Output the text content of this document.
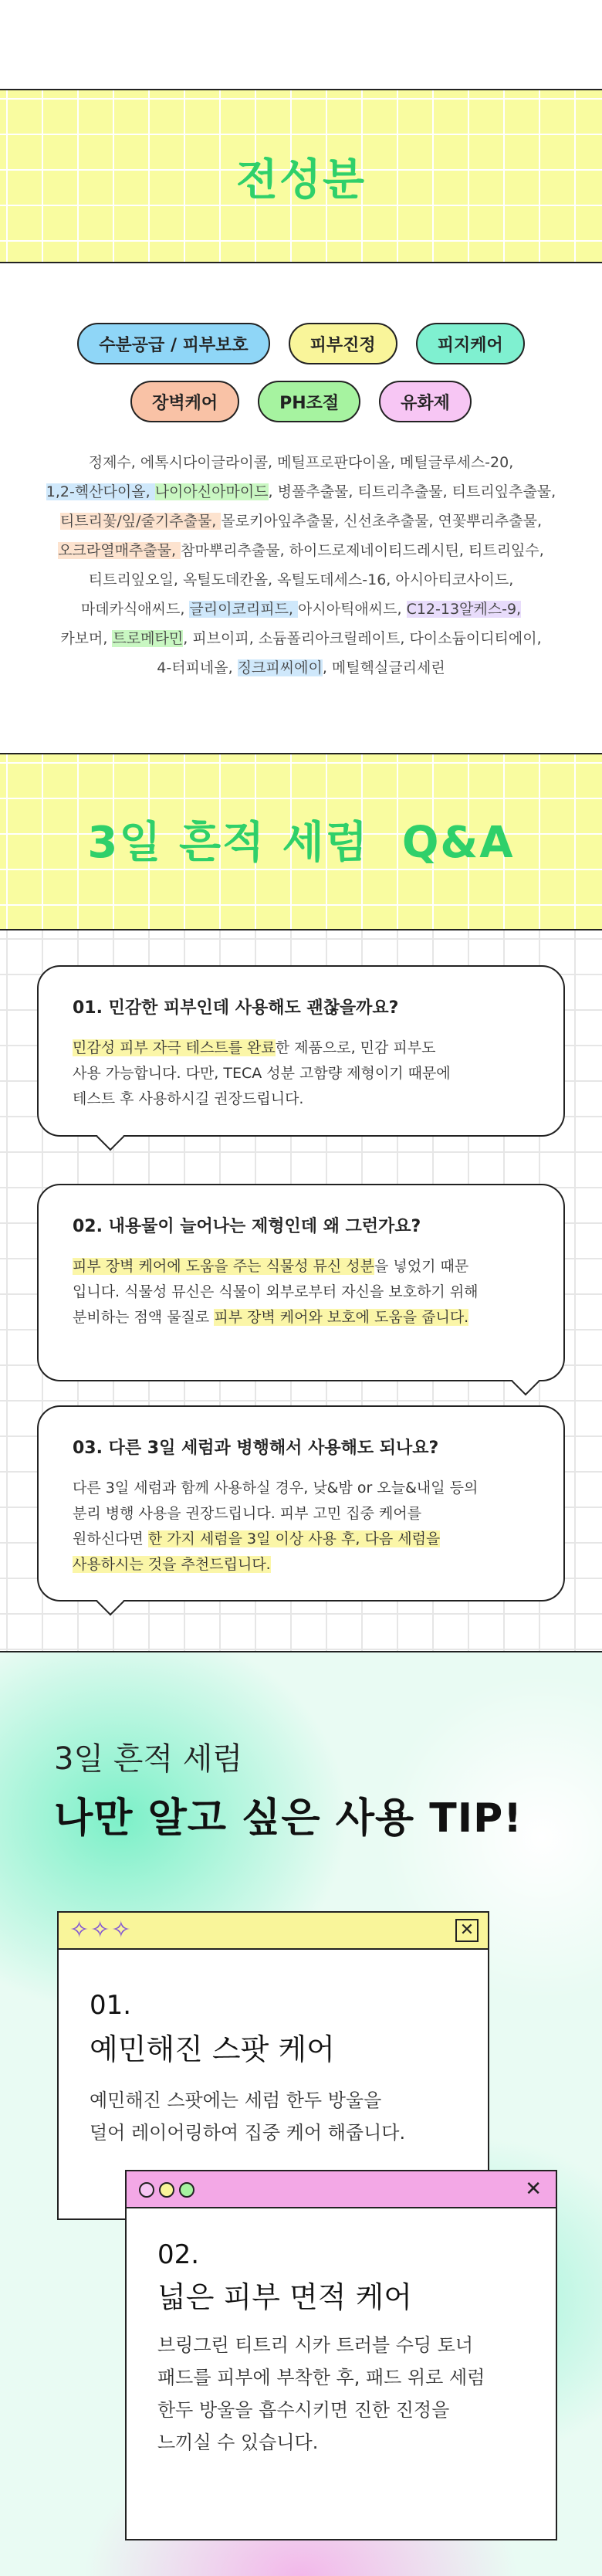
전성분
수분공급 / 피부보호	피부진정	피지케어
장벽케어	PH조절	유화제
정제수, 에톡시다이글라이콜, 메틸프로판다이올, 메틸글루세스-20,
1,2-헥산다이올, 나이아신아마이드, 병풀추출물, 티트리추출물, 티트리잎추출물,
티트리꽃/잎/줄기추출물, 몰로키아잎추출물, 신선초추출물, 연꽃뿌리추출물,
오크라열매추출물, 참마뿌리추출물, 하이드로제네이티드레시틴, 티트리잎수,
티트리잎오일, 옥틸도데칸올, 옥틸도데세스-16, 아시아티코사이드,
마데카식애씨드, 글리이코리피드, 아시아틱애씨드, C12-13알케스-9,
카보머, 트로메타민, 피브이피, 소듐폴리아크릴레이트, 다이소듐이디티에이,
4-터피네올, 징크피씨에이, 메틸헥실글리세린
3일 흔적 세럼  Q&A
01. 민감한 피부인데 사용해도 괜찮을까요?
민감성 피부 자극 테스트를 완료한 제품으로, 민감 피부도
사용 가능합니다. 다만, TECA 성분 고함량 제형이기 때문에
테스트 후 사용하시길 권장드립니다.
02. 내용물이 늘어나는 제형인데 왜 그런가요?
피부 장벽 케어에 도움을 주는 식물성 뮤신 성분을 넣었기 때문
입니다. 식물성 뮤신은 식물이 외부로부터 자신을 보호하기 위해
분비하는 점액 물질로 피부 장벽 케어와 보호에 도움을 줍니다.
03. 다른 3일 세럼과 병행해서 사용해도 되나요?
다른 3일 세럼과 함께 사용하실 경우, 낮&밤 or 오늘&내일 등의
분리 병행 사용을 권장드립니다. 피부 고민 집중 케어를
원하신다면 한 가지 세럼을 3일 이상 사용 후, 다음 세럼을
사용하시는 것을 추천드립니다.
3일 흔적 세럼
나만 알고 싶은 사용 TIP!
✧✧✧	✕
01.
예민해진 스팟 케어
예민해진 스팟에는 세럼 한두 방울을
덜어 레이어링하여 집중 케어 해줍니다.
✕
02.
넓은 피부 면적 케어
브링그린 티트리 시카 트러블 수딩 토너
패드를 피부에 부착한 후, 패드 위로 세럼
한두 방울을 흡수시키면 진한 진정을
느끼실 수 있습니다.
